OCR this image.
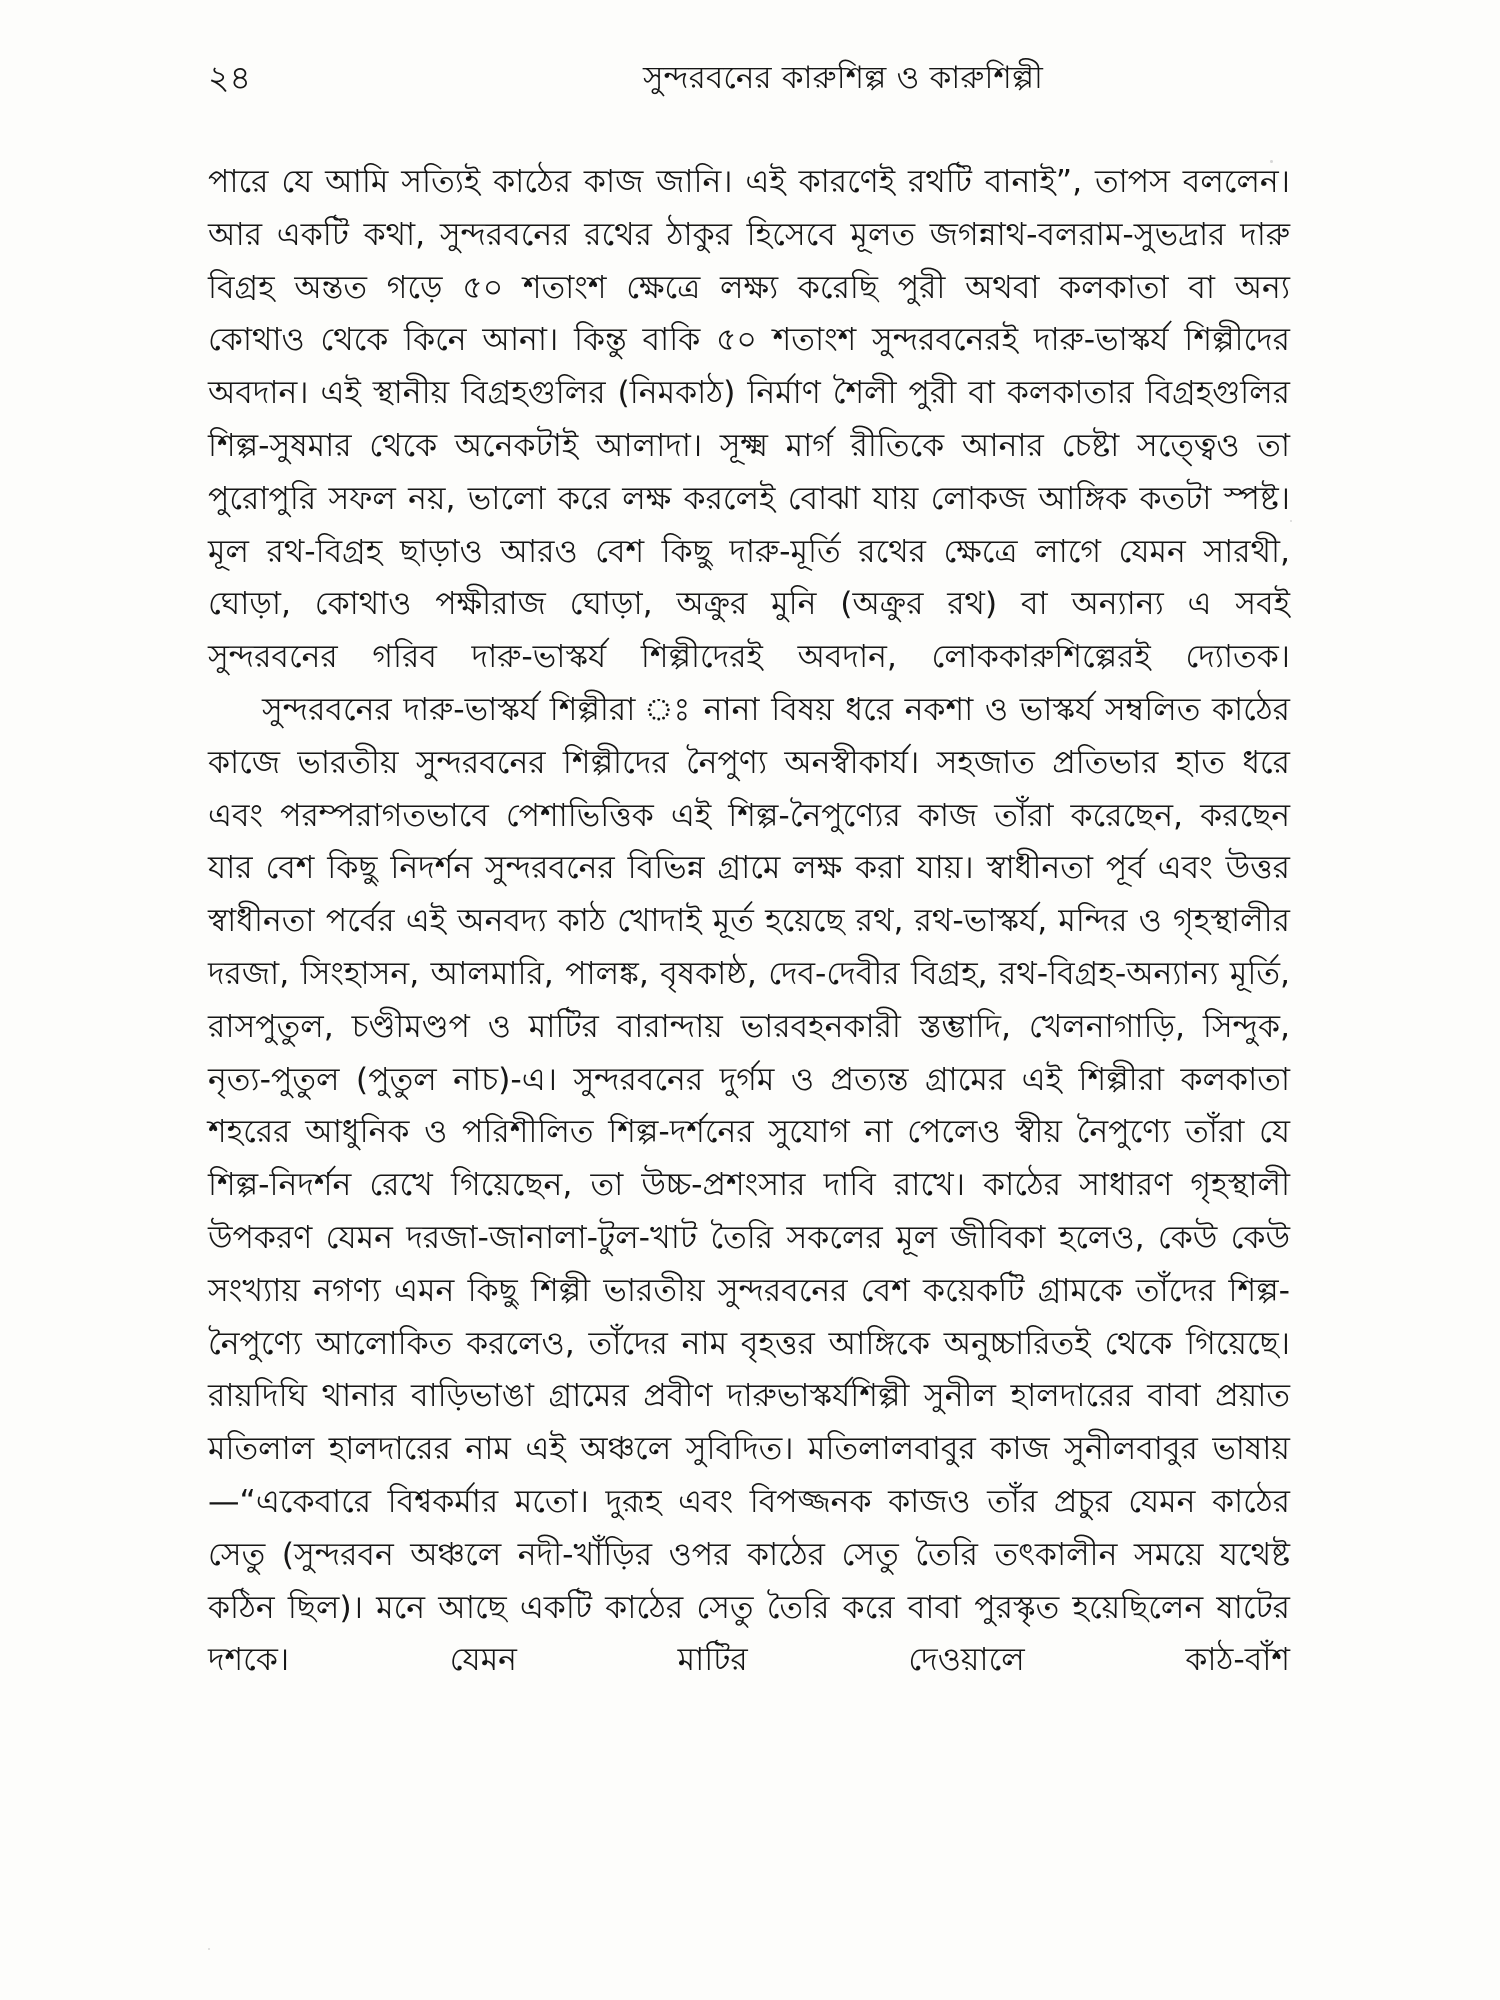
২৪	সুন্দরবনের কারুশিল্প ও কারুশিল্পী

পারে যে আমি সত্যিই কাঠের কাজ জানি। এই কারণেই রথটি বানাই”, তাপস বললেন। আর একটি কথা, সুন্দরবনের রথের ঠাকুর হিসেবে মূলত জগন্নাথ-বলরাম-সুভদ্রার দারু বিগ্রহ অন্তত গড়ে ৫০ শতাংশ ক্ষেত্রে লক্ষ্য করেছি পুরী অথবা কলকাতা বা অন্য কোথাও থেকে কিনে আনা। কিন্তু বাকি ৫০ শতাংশ সুন্দরবনেরই দারু-ভাস্কর্য শিল্পীদের অবদান। এই স্থানীয় বিগ্রহগুলির (নিমকাঠ) নির্মাণ শৈলী পুরী বা কলকাতার বিগ্রহগুলির শিল্প-সুষমার থেকে অনেকটাই আলাদা। সূক্ষ্ম মার্গ রীতিকে আনার চেষ্টা সত্ত্বেও তা পুরোপুরি সফল নয়, ভালো করে লক্ষ করলেই বোঝা যায় লোকজ আঙ্গিক কতটা স্পষ্ট। মূল রথ-বিগ্রহ ছাড়াও আরও বেশ কিছু দারু-মূর্তি রথের ক্ষেত্রে লাগে যেমন সারথী, ঘোড়া, কোথাও পক্ষীরাজ ঘোড়া, অক্রুর মুনি (অক্রুর রথ) বা অন্যান্য এ সবই সুন্দরবনের গরিব দারু-ভাস্কর্য শিল্পীদেরই অবদান, লোককারুশিল্পেরই দ্যোতক।

সুন্দরবনের দারু-ভাস্কর্য শিল্পীরা ঃ নানা বিষয় ধরে নকশা ও ভাস্কর্য সম্বলিত কাঠের কাজে ভারতীয় সুন্দরবনের শিল্পীদের নৈপুণ্য অনস্বীকার্য। সহজাত প্রতিভার হাত ধরে এবং পরম্পরাগতভাবে পেশাভিত্তিক এই শিল্প-নৈপুণ্যের কাজ তাঁরা করেছেন, করছেন যার বেশ কিছু নিদর্শন সুন্দরবনের বিভিন্ন গ্রামে লক্ষ করা যায়। স্বাধীনতা পূর্ব এবং উত্তর স্বাধীনতা পর্বের এই অনবদ্য কাঠ খোদাই মূর্ত হয়েছে রথ, রথ-ভাস্কর্য, মন্দির ও গৃহস্থালীর দরজা, সিংহাসন, আলমারি, পালঙ্ক, বৃষকাষ্ঠ, দেব-দেবীর বিগ্রহ, রথ-বিগ্রহ-অন্যান্য মূর্তি, রাসপুতুল, চণ্ডীমণ্ডপ ও মাটির বারান্দায় ভারবহনকারী স্তম্ভাদি, খেলনাগাড়ি, সিন্দুক, নৃত্য-পুতুল (পুতুল নাচ)-এ। সুন্দরবনের দুর্গম ও প্রত্যন্ত গ্রামের এই শিল্পীরা কলকাতা শহরের আধুনিক ও পরিশীলিত শিল্প-দর্শনের সুযোগ না পেলেও স্বীয় নৈপুণ্যে তাঁরা যে শিল্প-নিদর্শন রেখে গিয়েছেন, তা উচ্চ-প্রশংসার দাবি রাখে। কাঠের সাধারণ গৃহস্থালী উপকরণ যেমন দরজা-জানালা-টুল-খাট তৈরি সকলের মূল জীবিকা হলেও, কেউ কেউ সংখ্যায় নগণ্য এমন কিছু শিল্পী ভারতীয় সুন্দরবনের বেশ কয়েকটি গ্রামকে তাঁদের শিল্প-নৈপুণ্যে আলোকিত করলেও, তাঁদের নাম বৃহত্তর আঙ্গিকে অনুচ্চারিতই থেকে গিয়েছে। রায়দিঘি থানার বাড়িভাঙা গ্রামের প্রবীণ দারুভাস্কর্যশিল্পী সুনীল হালদারের বাবা প্রয়াত মতিলাল হালদারের নাম এই অঞ্চলে সুবিদিত। মতিলালবাবুর কাজ সুনীলবাবুর ভাষায়—“একেবারে বিশ্বকর্মার মতো। দুরূহ এবং বিপজ্জনক কাজও তাঁর প্রচুর যেমন কাঠের সেতু (সুন্দরবন অঞ্চলে নদী-খাঁড়ির ওপর কাঠের সেতু তৈরি তৎকালীন সময়ে যথেষ্ট কঠিন ছিল)। মনে আছে একটি কাঠের সেতু তৈরি করে বাবা পুরস্কৃত হয়েছিলেন ষাটের দশকে। যেমন মাটির দেওয়ালে কাঠ-বাঁশ
